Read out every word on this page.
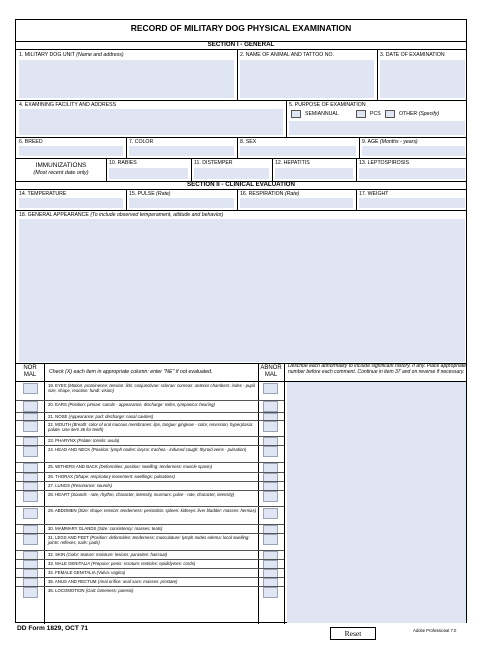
RECORD OF MILITARY DOG PHYSICAL EXAMINATION
SECTION I - GENERAL
1. MILITARY DOG UNIT (Name and address)	2. NAME OF ANIMAL AND TATTOO NO.	3. DATE OF EXAMINATION
4. EXAMINING FACILITY AND ADDRESS	5. PURPOSE OF EXAMINATION
SEMIANNUAL	PCS	OTHER (Specify)
6. BREED	7. COLOR	8. SEX	9. AGE (Months - years)
IMMUNIZATIONS
(Most recent date only)
10. RABIES	11. DISTEMPER	12. HEPATITIS	13. LEPTOSPIROSIS
SECTION II - CLINICAL EVALUATION
14. TEMPERATURE	15. PULSE (Rate)	16. RESPIRATION (Rate)	17. WEIGHT
18. GENERAL APPEARANCE (To include observed temperament, attitude and behavior)
NOR
MAL	Check (X) each item in appropriate column: enter "NE" if not evaluated.
ABNOR
MAL
Describe each abnormality to include significant history. If any. Place appropriate number before each comment. Continue in item 37 and on reverse if necessary.
19. EYES (Motion: prominence: tension: lids: conjunctivae: sclerae: corneas: anterior chambers: irides - pupil size, shape, reaction: fundi: vision)
20. EARS (Position: pinnae: canals - appearance, discharge: miles, tympanica: hearing)
21. NOSE (Appearance: pad: discharge: nasal cavities)
22. MOUTH (Breath: color of oral mucous membranes: lips, tongue: gingivae - color, recession, hyperplasia: palate. Use item 36 for teeth)
23. PHARYNX (Palate: tonsils: uvula)
24. HEAD AND NECK (Position: lymph nodes: larynx: trachea - induced cough: thyroid veins - pulsation)
25. WITHERS AND BACK (Deformities: position: swelling: tenderness: muscle spasm)
26. THORAX (Shape: respiratory movement: swellings: pulsations)
27. LUNGS (Resonance: sounds)
28. HEART (Sounds - rate, rhythm, character, intensity, murmurs: pulse - rate, character, intensity)
29. ABDOMEN (Size: shape: tension: tenderness: peristalsis: spleen: kidneys: liver bladder: masses: hernias)
30. MAMMARY GLANDS (Size: consistency: masses: teats)
31. LEGS AND FEET (Position: deformities: tenderness: musculature: lymph nodes edema: local swelling: joints: reflexes, nails: pads)
32. SKIN (Color: texture: moisture: lesions: parasites: haircoat)
33. MALE GENITALIA (Prepuce: penis: scrotum: testicles: epididymes: cords)
34. FEMALE GENITALIA (Vulva: vagina)
35. ANUS AND RECTUM (Anal orifice: anal sacs: masses: prostate)
36. LOCOMOTION (Gait: lameness: paresis)
DD Form 1829, OCT 71
Reset	Adobe Professional 7.0
